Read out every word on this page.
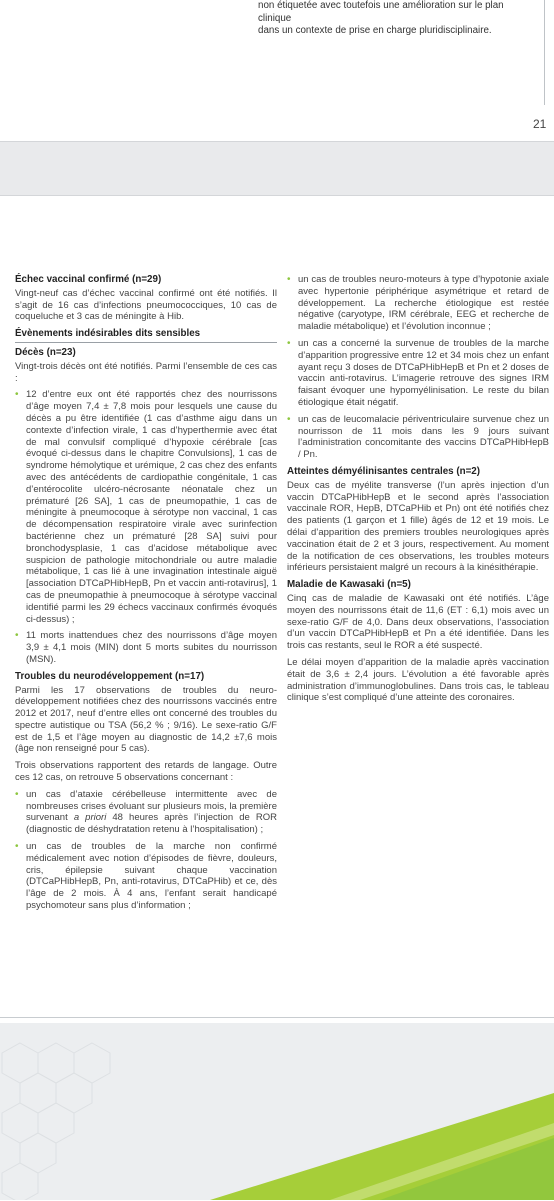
non étiquetée avec toutefois une amélioration sur le plan clinique
dans un contexte de prise en charge pluridisciplinaire.
21
Échec vaccinal confirmé (n=29)

Vingt-neuf cas d’échec vaccinal confirmé ont été notifiés. Il s’agit de 16 cas d’infections pneumococciques, 10 cas de coqueluche et 3 cas de méningite à Hib.

Évènements indésirables dits sensibles
Décès (n=23)

Vingt-trois décès ont été notifiés. Parmi l’ensemble de ces cas :

• 12 d’entre eux ont été rapportés chez des nourrissons d’âge moyen 7,4 ± 7,8 mois pour lesquels une cause du décès a pu être identifiée (1 cas d’asthme aigu dans un contexte d’infection virale, 1 cas d’hyperthermie avec état de mal convulsif compliqué d’hypoxie cérébrale [cas évoqué ci-dessus dans le chapitre Convulsions], 1 cas de syndrome hémolytique et urémique, 2 cas chez des enfants avec des antécédents de cardiopathie congénitale, 1 cas d’entérocolite ulcéro-nécrosante néonatale chez un prématuré [26 SA], 1 cas de pneumopathie, 1 cas de méningite à pneumocoque à sérotype non vaccinal, 1 cas de décompensation respiratoire virale avec surinfection bactérienne chez un prématuré [28 SA] suivi pour bronchodysplasie, 1 cas d’acidose métabolique avec suspicion de pathologie mitochondriale ou autre maladie métabolique, 1 cas lié à une invagination intestinale aiguë [association DTCaPHibHepB, Pn et vaccin anti-rotavirus], 1 cas de pneumopathie à pneumocoque à sérotype vaccinal identifié parmi les 29 échecs vaccinaux confirmés évoqués ci-dessus) ;
• 11 morts inattendues chez des nourrissons d’âge moyen 3,9 ± 4,1 mois (MIN) dont 5 morts subites du nourrisson (MSN).
Troubles du neurodéveloppement (n=17)

Parmi les 17 observations de troubles du neuro-développement notifiées chez des nourrissons vaccinés entre 2012 et 2017, neuf d’entre elles ont concerné des troubles du spectre autistique ou TSA (56,2 % ; 9/16). Le sexe-ratio G/F est de 1,5 et l’âge moyen au diagnostic de 14,2 ±7,6 mois (âge non renseigné pour 5 cas).

Trois observations rapportent des retards de langage. Outre ces 12 cas, on retrouve 5 observations concernant :

• un cas d’ataxie cérébelleuse intermittente avec de nombreuses crises évoluant sur plusieurs mois, la première survenant a priori 48 heures après l’injection de ROR (diagnostic de déshydratation retenu à l’hospitalisation) ;
• un cas de troubles de la marche non confirmé médicalement avec notion d’épisodes de fièvre, douleurs, cris, épilepsie suivant chaque vaccination (DTCaPHibHepB, Pn, anti-rotavirus, DTCaPHib) et ce, dès l’âge de 2 mois. À 4 ans, l’enfant serait handicapé psychomoteur sans plus d’information ;
• un cas de troubles neuro-moteurs à type d’hypotonie axiale avec hypertonie périphérique asymétrique et retard de développement. La recherche étiologique est restée négative (caryotype, IRM cérébrale, EEG et recherche de maladie métabolique) et l’évolution inconnue ;
• un cas a concerné la survenue de troubles de la marche d’apparition progressive entre 12 et 34 mois chez un enfant ayant reçu 3 doses de DTCaPHibHepB et Pn et 2 doses de vaccin anti-rotavirus. L’imagerie retrouve des signes IRM faisant évoquer une hypomyélinisation. Le reste du bilan étiologique était négatif.
• un cas de leucomalacie périventriculaire survenue chez un nourrisson de 11 mois dans les 9 jours suivant l’administration concomitante des vaccins DTCaPHibHepB / Pn.
Atteintes démyélinisantes centrales (n=2)

Deux cas de myélite transverse (l’un après injection d’un vaccin DTCaPHibHepB et le second après l’association vaccinale ROR, HepB, DTCaPHib et Pn) ont été notifiés chez des patients (1 garçon et 1 fille) âgés de 12 et 19 mois. Le délai d’apparition des premiers troubles neurologiques après vaccination était de 2 et 3 jours, respectivement. Au moment de la notification de ces observations, les troubles moteurs inférieurs persistaient malgré un recours à la kinésithérapie.

Maladie de Kawasaki (n=5)

Cinq cas de maladie de Kawasaki ont été notifiés. L’âge moyen des nourrissons était de 11,6 (ET : 6,1) mois avec un sexe-ratio G/F de 4,0. Dans deux observations, l’association d’un vaccin DTCaPHibHepB et Pn a été identifiée. Dans les trois cas restants, seul le ROR a été suspecté.

Le délai moyen d’apparition de la maladie après vaccination était de 3,6 ± 2,4 jours. L’évolution a été favorable après administration d’immunoglobulines. Dans trois cas, le tableau clinique s’est compliqué d’une atteinte des coronaires.
